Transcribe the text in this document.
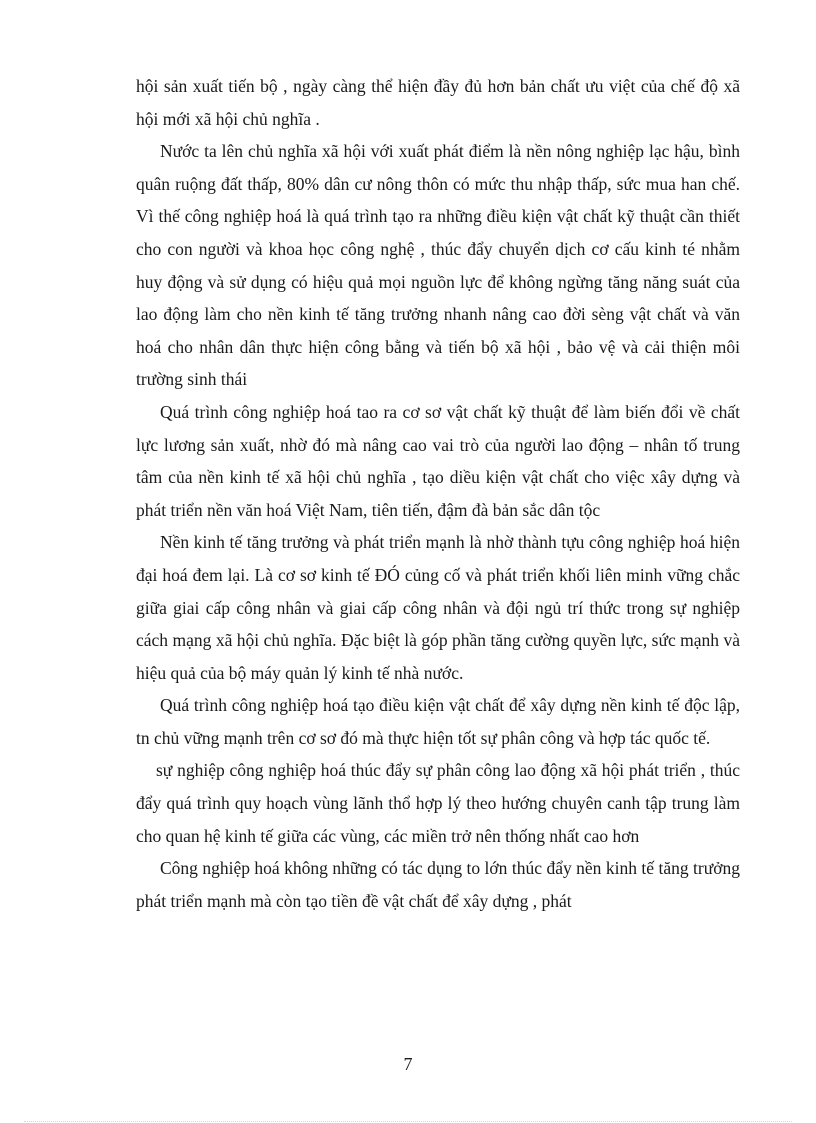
hội sản xuất tiến bộ , ngày càng thể hiện đầy đủ hơn bản chất ưu việt của chế độ xã hội mới xã hội chủ nghĩa .

Nước ta lên chủ nghĩa xã hội với xuất phát điểm là nền nông nghiệp lạc hậu, bình quân ruộng đất thấp, 80% dân cư nông thôn có mức thu nhập thấp, sức mua han chế. Vì thế công nghiệp hoá là quá trình tạo ra những điều kiện vật chất kỹ thuật cần thiết cho con người và khoa học công nghệ , thúc đẩy chuyển dịch cơ cấu kinh té nhằm huy động và sử dụng có hiệu quả mọi nguồn lực để không ngừng tăng năng suát của lao động làm cho nền kinh tế tăng trưởng nhanh nâng cao đời sèng vật chất và văn hoá cho nhân dân thực hiện công bằng và tiến bộ xã hội , bảo vệ và cải thiện môi trường sinh thái

Quá trình công nghiệp hoá tao ra cơ sơ vật chất kỹ thuật để làm biến đổi về chất lực lương sản xuất, nhờ đó mà nâng cao vai trò của người lao động – nhân tố trung tâm của nền kinh tế xã hội chủ nghĩa , tạo diều kiện vật chất cho việc xây dựng và phát triển nền văn hoá Việt Nam, tiên tiến, đậm đà bản sắc dân tộc

Nền kinh tế tăng trưởng và phát triển mạnh là nhờ thành tựu công nghiệp hoá hiện đại hoá đem lại. Là cơ sơ kinh tế ĐÓ củng cố và phát triển khối liên minh vững chắc giữa giai cấp công nhân và giai cấp công nhân và đội ngủ trí thức trong sự nghiệp cách mạng xã hội chủ nghĩa. Đặc biệt là góp phần tăng cường quyền lực, sức mạnh và hiệu quả của bộ máy quản lý kinh tế nhà nước.

Quá trình công nghiệp hoá tạo điều kiện vật chất để xây dựng nền kinh tế độc lập, tn chủ vững mạnh trên cơ sơ đó mà thực hiện tốt sự phân công và hợp tác quốc tế.

sự nghiệp công nghiệp hoá thúc đẩy sự phân công lao động xã hội phát triển , thúc đẩy quá trình quy hoạch vùng lãnh thổ hợp lý theo hướng chuyên canh tập trung làm cho quan hệ kinh tế giữa các vùng, các miền trở nên thống nhất cao hơn

Công nghiệp hoá không những có tác dụng to lớn thúc đẩy nền kinh tế tăng trưởng phát triển mạnh mà còn tạo tiền đề vật chất để xây dựng , phát

7
